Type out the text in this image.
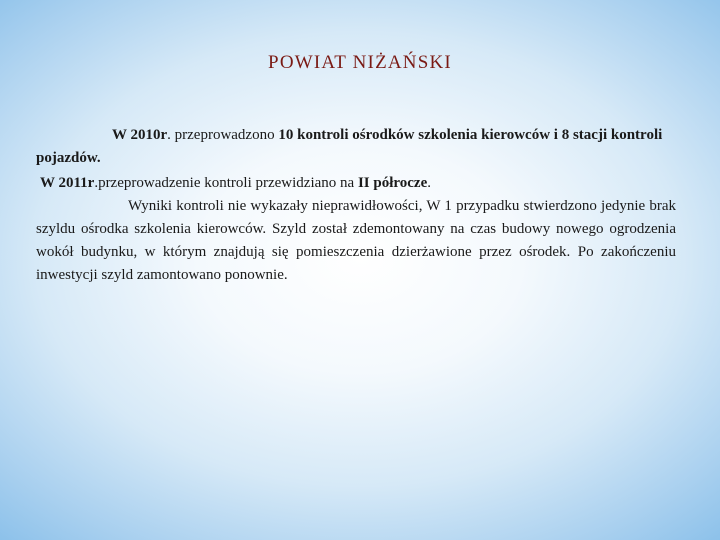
POWIAT NIŻAŃSKI

W 2010r. przeprowadzono 10 kontroli ośrodków szkolenia kierowców i 8 stacji kontroli pojazdów.

W 2011r.przeprowadzenie kontroli przewidziano na II półrocze.

Wyniki kontroli nie wykazały nieprawidłowości, W 1 przypadku stwierdzono jedynie brak szyldu ośrodka szkolenia kierowców. Szyld został zdemontowany na czas budowy nowego ogrodzenia wokół budynku, w którym znajdują się pomieszczenia dzierżawione przez ośrodek. Po zakończeniu inwestycji szyld zamontowano ponownie.
